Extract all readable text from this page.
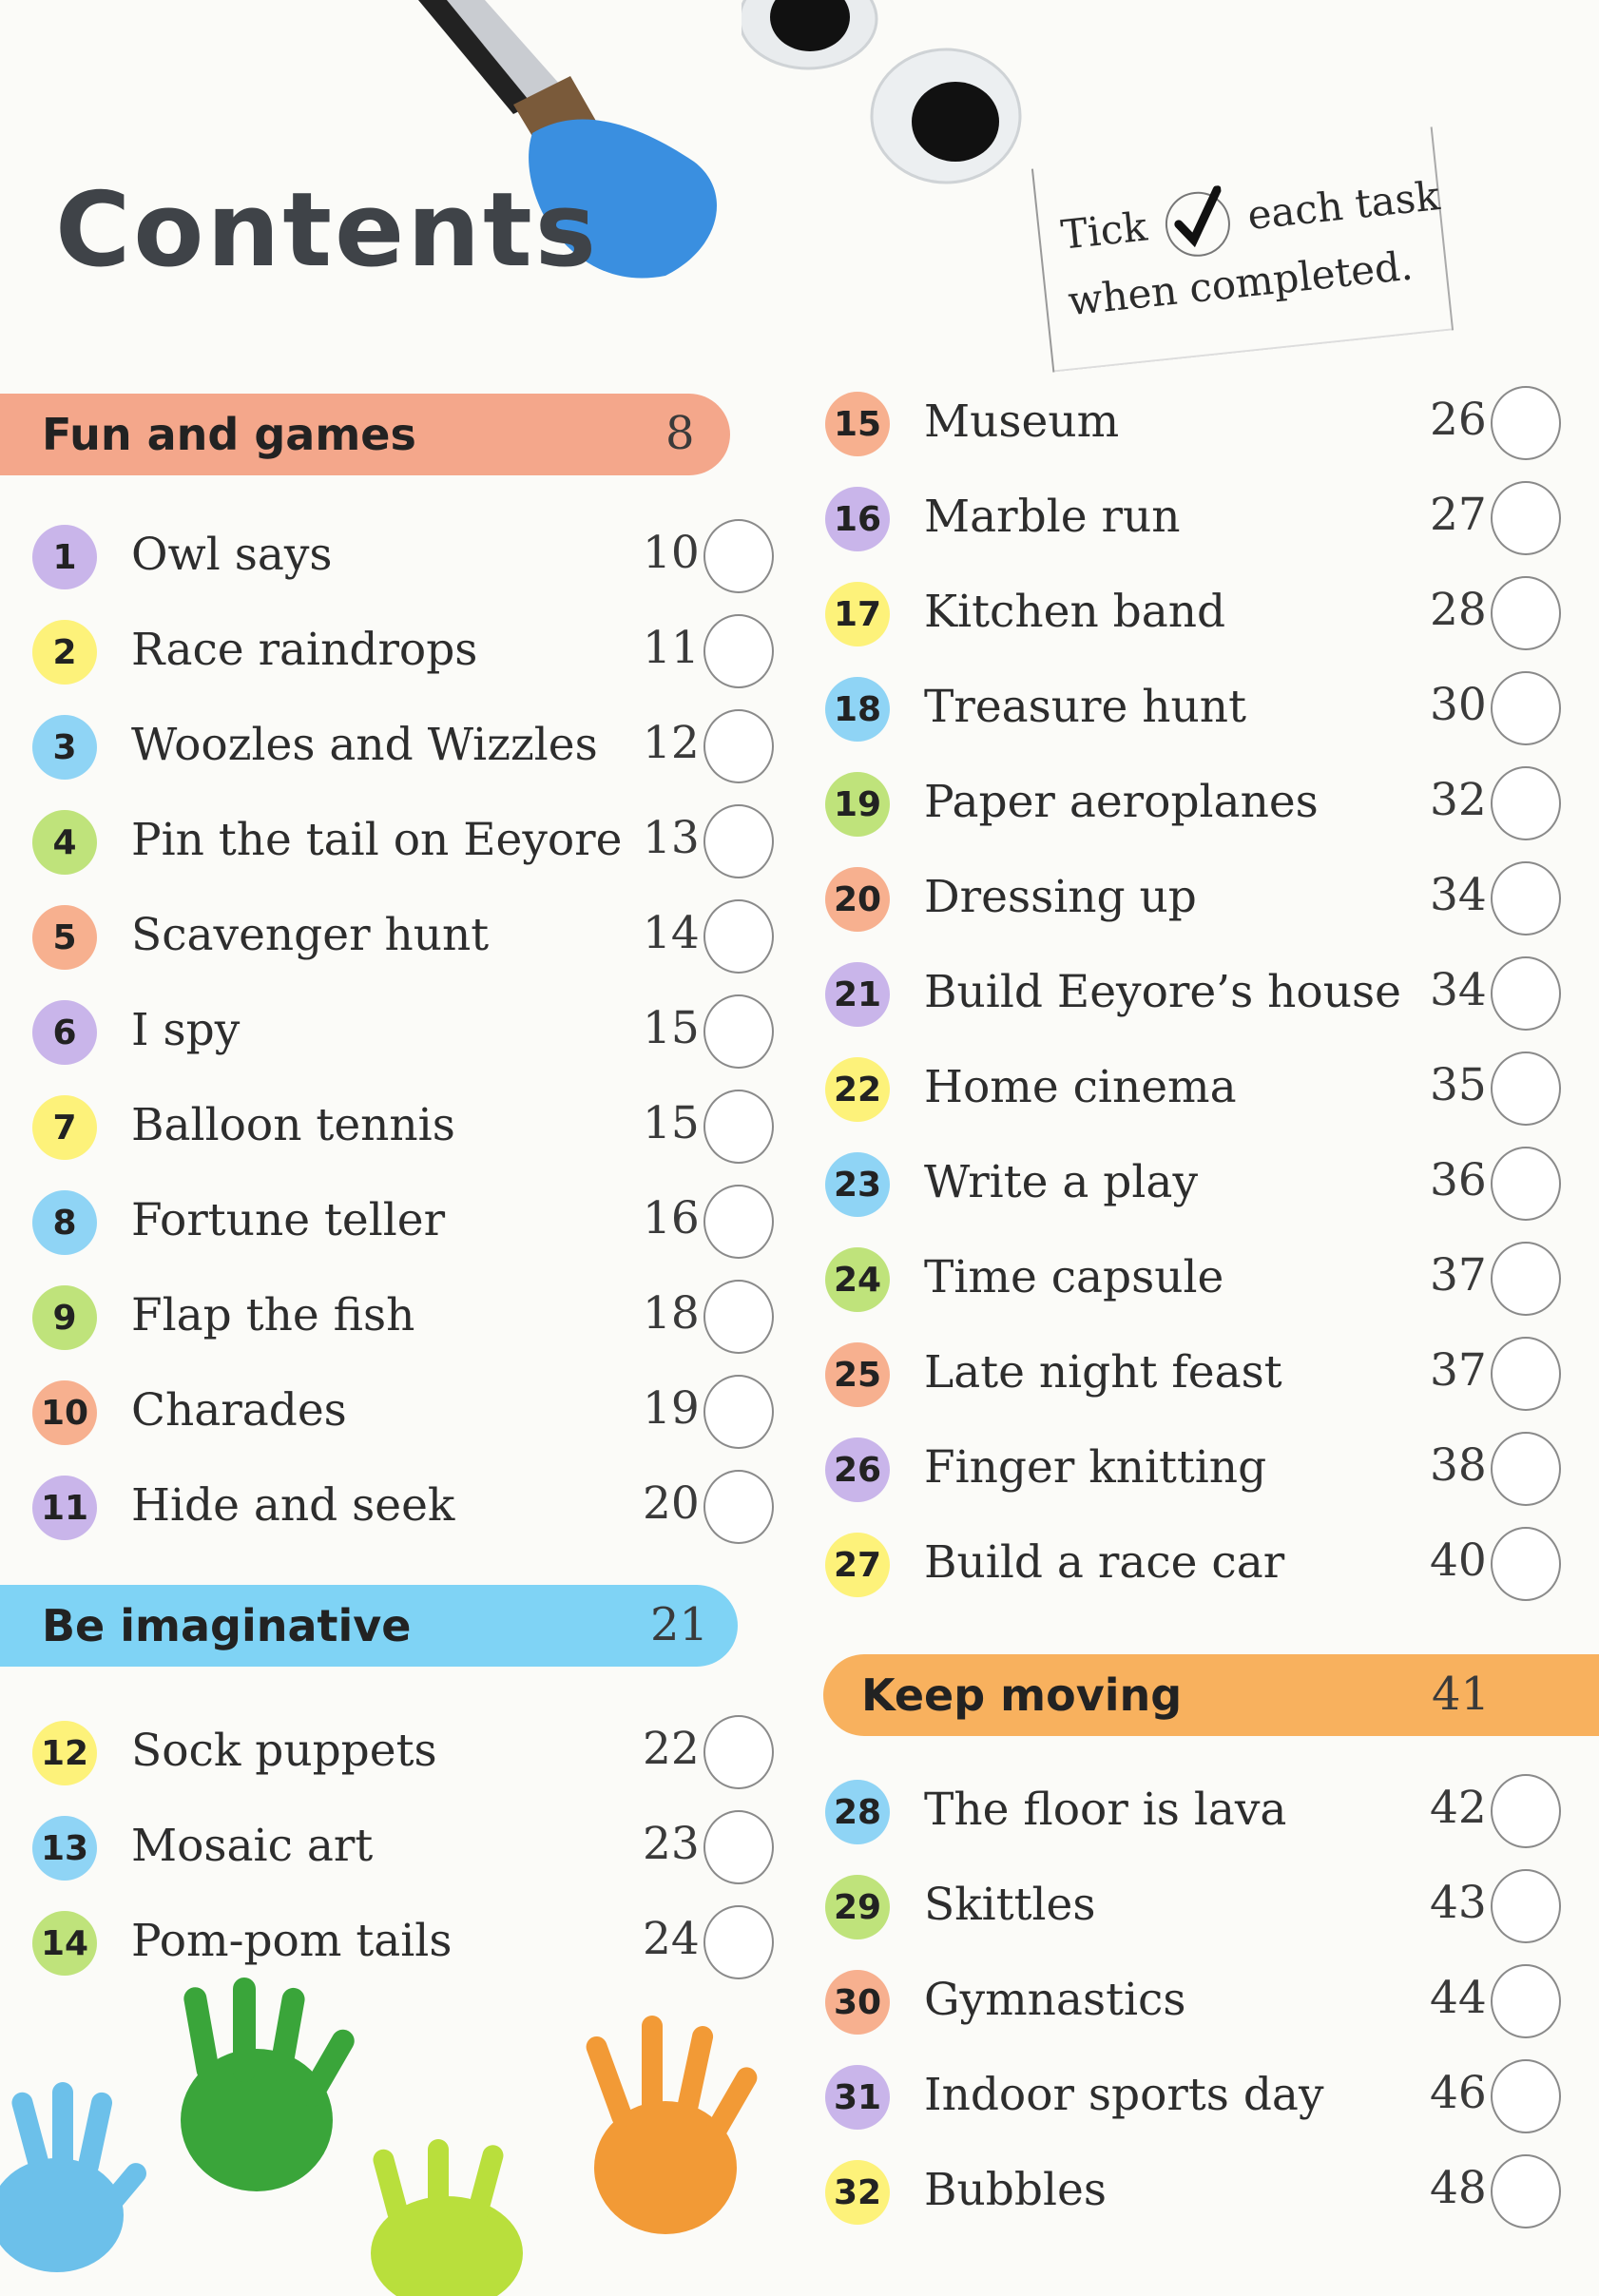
Contents	Tick each task
when completed.
Fun and games	8
Be imaginative	21
Keep moving	41
1	Owl says	10
2	Race raindrops	11
3	Woozles and Wizzles 12
4	Pin the tail on Eeyore 13
5	Scavenger hunt	14
6	I spy	15
7	Balloon tennis	15
8	Fortune teller	16
9	Flap the fish	18
10 Charades	19
11 Hide and seek	20
12 Sock puppets	22
13 Mosaic art	23
14 Pom-pom tails	24
15 Museum	26
16 Marble run	27
17 Kitchen band	28
18 Treasure hunt	30
19 Paper aeroplanes 32
20 Dressing up	34
21 Build Eeyore’s house 34
22 Home cinema	35
23 Write a play	36
24 Time capsule	37
25 Late night feast	37
26 Finger knitting	38
27 Build a race car	40
28 The floor is lava	42
29 Skittles	43
30 Gymnastics	44
31 Indoor sports day 46
32 Bubbles	48
